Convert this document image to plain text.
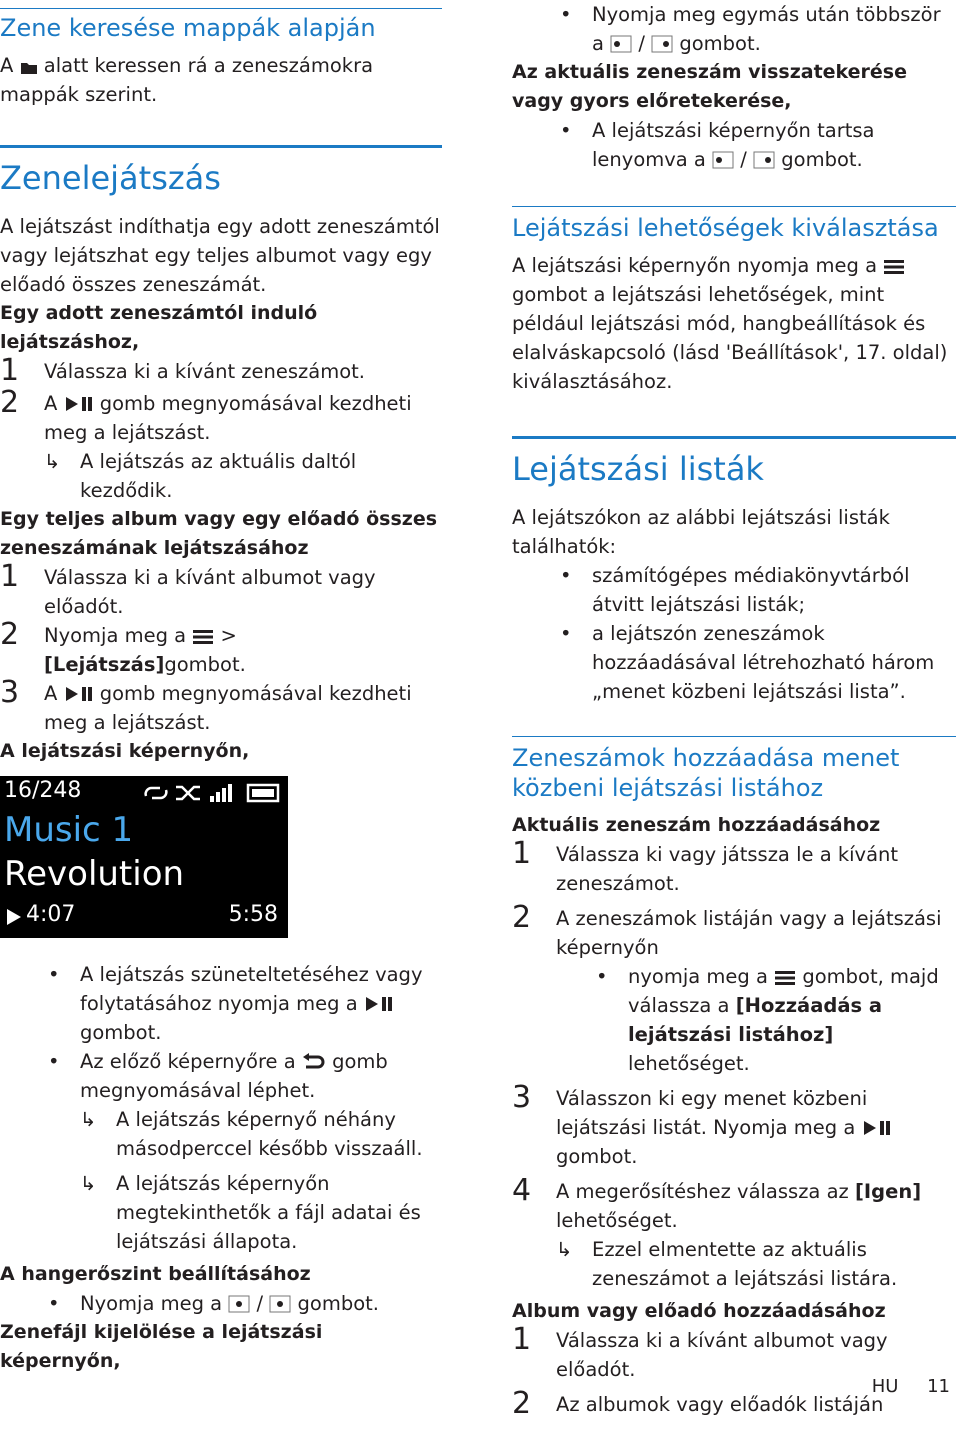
Zene keresése mappák alapján

A alatt keressen rá a zeneszámokra mappák szerint.

Zenelejátszás

A lejátszást indíthatja egy adott zeneszámtól vagy lejátszhat egy teljes albumot vagy egy előadó összes zeneszámát.

Egy adott zeneszámtól induló lejátszáshoz,

1	Válassza ki a kívánt zeneszámot.
2	A gomb megnyomásával kezdheti meg a lejátszást.
↳	A lejátszás az aktuális daltól kezdődik.

Egy teljes album vagy egy előadó összes zeneszámának lejátszásához

1	Válassza ki a kívánt albumot vagy előadót.
2	Nyomja meg a > [Lejátszás]gombot.
3	A gomb megnyomásával kezdheti meg a lejátszást.

A lejátszási képernyőn,

16/248
Music 1
Revolution
4:07	5:58
•	A lejátszás szüneteltetéséhez vagy folytatásához nyomja meg a  gombot.
•	Az előző képernyőre a gomb megnyomásával léphet.
↳	A lejátszás képernyő néhány másodperccel később visszaáll.
↳	A lejátszás képernyőn megtekinthetők a fájl adatai és lejátszási állapota.

A hangerőszint beállításához

•	Nyomja meg a / gombot.

Zenefájl kijelölése a lejátszási képernyőn,

•	Nyomja meg egymás után többször a / gombot.

Az aktuális zeneszám visszatekerése vagy gyors előretekerése,

•	A lejátszási képernyőn tartsa lenyomva a / gombot.
Lejátszási lehetőségek kiválasztása

A lejátszási képernyőn nyomja meg a  gombot a lejátszási lehetőségek, mint például lejátszási mód, hangbeállítások és elalváskapcsoló (lásd 'Beállítások', 17. oldal) kiválasztásához.

Lejátszási listák

A lejátszókon az alábbi lejátszási listák találhatók:

•	számítógépes médiakönyvtárból átvitt lejátszási listák;
•	a lejátszón zeneszámok hozzáadásával létrehozható három „menet közbeni lejátszási lista”.
Zeneszámok hozzáadása menet közbeni lejátszási listához

Aktuális zeneszám hozzáadásához

1	Válassza ki vagy játssza le a kívánt zeneszámot.
2	A zeneszámok listáján vagy a lejátszási képernyőn
•	nyomja meg a gombot, majd válassza a [Hozzáadás a lejátszási listához] lehetőséget.
3	Válasszon ki egy menet közbeni lejátszási listát. Nyomja meg a  gombot.
4	A megerősítéshez válassza az [Igen] lehetőséget.
↳	Ezzel elmentette az aktuális zeneszámot a lejátszási listára.

Album vagy előadó hozzáadásához

1	Válassza ki a kívánt albumot vagy előadót.
2	Az albumok vagy előadók listáján
HU 11
